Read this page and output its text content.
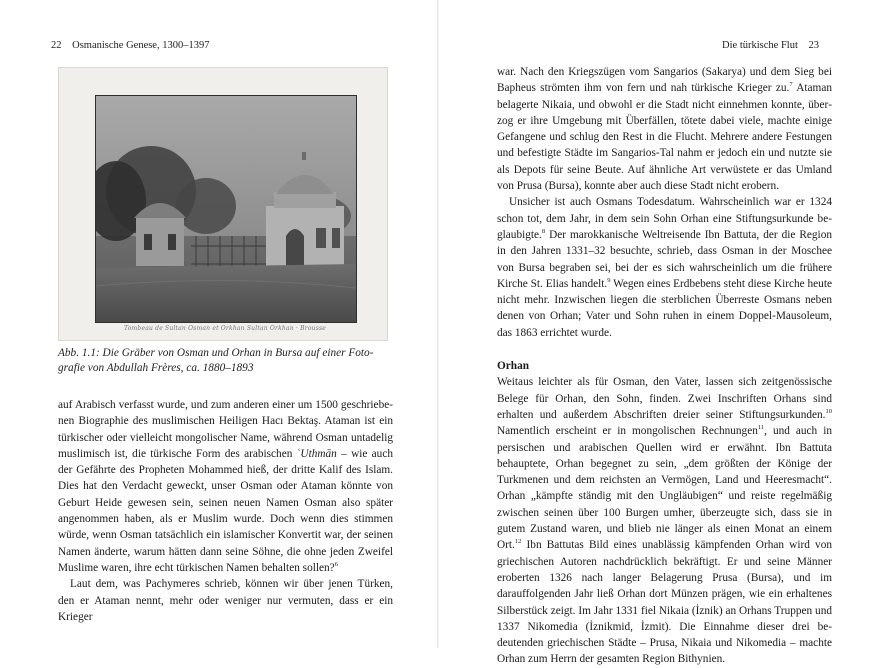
22 Osmanische Genese, 1300–1397
Tombeau de Sultan Osman et Orkhan Sultan Orkhan · Brousse
Abb. 1.1: Die Gräber von Osman und Orhan in Bursa auf einer Fotografie von Abdullah Frères, ca. 1880–1893

auf Arabisch verfasst wurde, und zum anderen einer um 1500 geschriebenen Biographie des muslimischen Heiligen Hacı Bektaş. Ataman ist ein türkischer oder vielleicht mongolischer Name, während Osman untadelig muslimisch ist, die türkische Form des arabischen ʿUthmān – wie auch der Gefährte des Propheten Mohammed hieß, der dritte Kalif des Islam. Dies hat den Verdacht geweckt, unser Osman oder Ataman könnte von Geburt Heide gewesen sein, seinen neuen Namen Osman also später angenommen haben, als er Muslim wurde. Doch wenn dies stimmen würde, wenn Osman tatsächlich ein islamischer Konvertit war, der seinen Namen änderte, warum hätten dann seine Söhne, die ohne jeden Zweifel Muslime waren, ihre echt türkischen Namen behalten sollen?$^6$

Laut dem, was Pachymeres schrieb, können wir über jenen Türken, den er Ataman nennt, mehr oder weniger nur vermuten, dass er ein Krieger

Die türkische Flut 23

war. Nach den Kriegszügen vom Sangarios (Sakarya) und dem Sieg bei Bapheus strömten ihm von fern und nah türkische Krieger zu.$^7$ Ataman belagerte Nikaia, und obwohl er die Stadt nicht einnehmen konnte, überzog er ihre Umgebung mit Überfällen, tötete dabei viele, machte einige Gefangene und schlug den Rest in die Flucht. Mehrere andere Festungen und befestigte Städte im Sangarios-Tal nahm er jedoch ein und nutzte sie als Depots für seine Beute. Auf ähnliche Art verwüstete er das Umland von Prusa (Bursa), konnte aber auch diese Stadt nicht erobern.

Unsicher ist auch Osmans Todesdatum. Wahrscheinlich war er 1324 schon tot, dem Jahr, in dem sein Sohn Orhan eine Stiftungsurkunde beglaubigte.$^8$ Der marokkanische Weltreisende Ibn Battuta, der die Region in den Jahren 1331–32 besuchte, schrieb, dass Osman in der Moschee von Bursa begraben sei, bei der es sich wahrscheinlich um die frühere Kirche St. Elias handelt.$^9$ Wegen eines Erdbebens steht diese Kirche heute nicht mehr. Inzwischen liegen die sterblichen Überreste Osmans neben denen von Orhan; Vater und Sohn ruhen in einem Doppel-Mausoleum, das 1863 errichtet wurde.

Orhan

Weitaus leichter als für Osman, den Vater, lassen sich zeitgenössische Belege für Orhan, den Sohn, finden. Zwei Inschriften Orhans sind erhalten und außerdem Abschriften dreier seiner Stiftungsurkunden.$^{10}$ Namentlich erscheint er in mongolischen Rechnungen$^{11}$, und auch in persischen und arabischen Quellen wird er erwähnt. Ibn Battuta behauptete, Orhan begegnet zu sein, „dem größten der Könige der Turkmenen und dem reichsten an Vermögen, Land und Heeresmacht“. Orhan „kämpfte ständig mit den Ungläubigen“ und reiste regelmäßig zwischen seinen über 100 Burgen umher, überzeugte sich, dass sie in gutem Zustand waren, und blieb nie länger als einen Monat an einem Ort.$^{12}$ Ibn Battutas Bild eines unablässig kämpfenden Orhan wird von griechischen Autoren nachdrücklich bekräftigt. Er und seine Männer eroberten 1326 nach langer Belagerung Prusa (Bursa), und im darauffolgenden Jahr ließ Orhan dort Münzen prägen, wie ein erhaltenes Silberstück zeigt. Im Jahr 1331 fiel Nikaia (İznik) an Orhans Truppen und 1337 Nikomedia (İznikmid, İzmit). Die Einnahme dieser drei bedeutenden griechischen Städte – Prusa, Nikaia und Nikomedia – machte Orhan zum Herrn der gesamten Region Bithynien.
